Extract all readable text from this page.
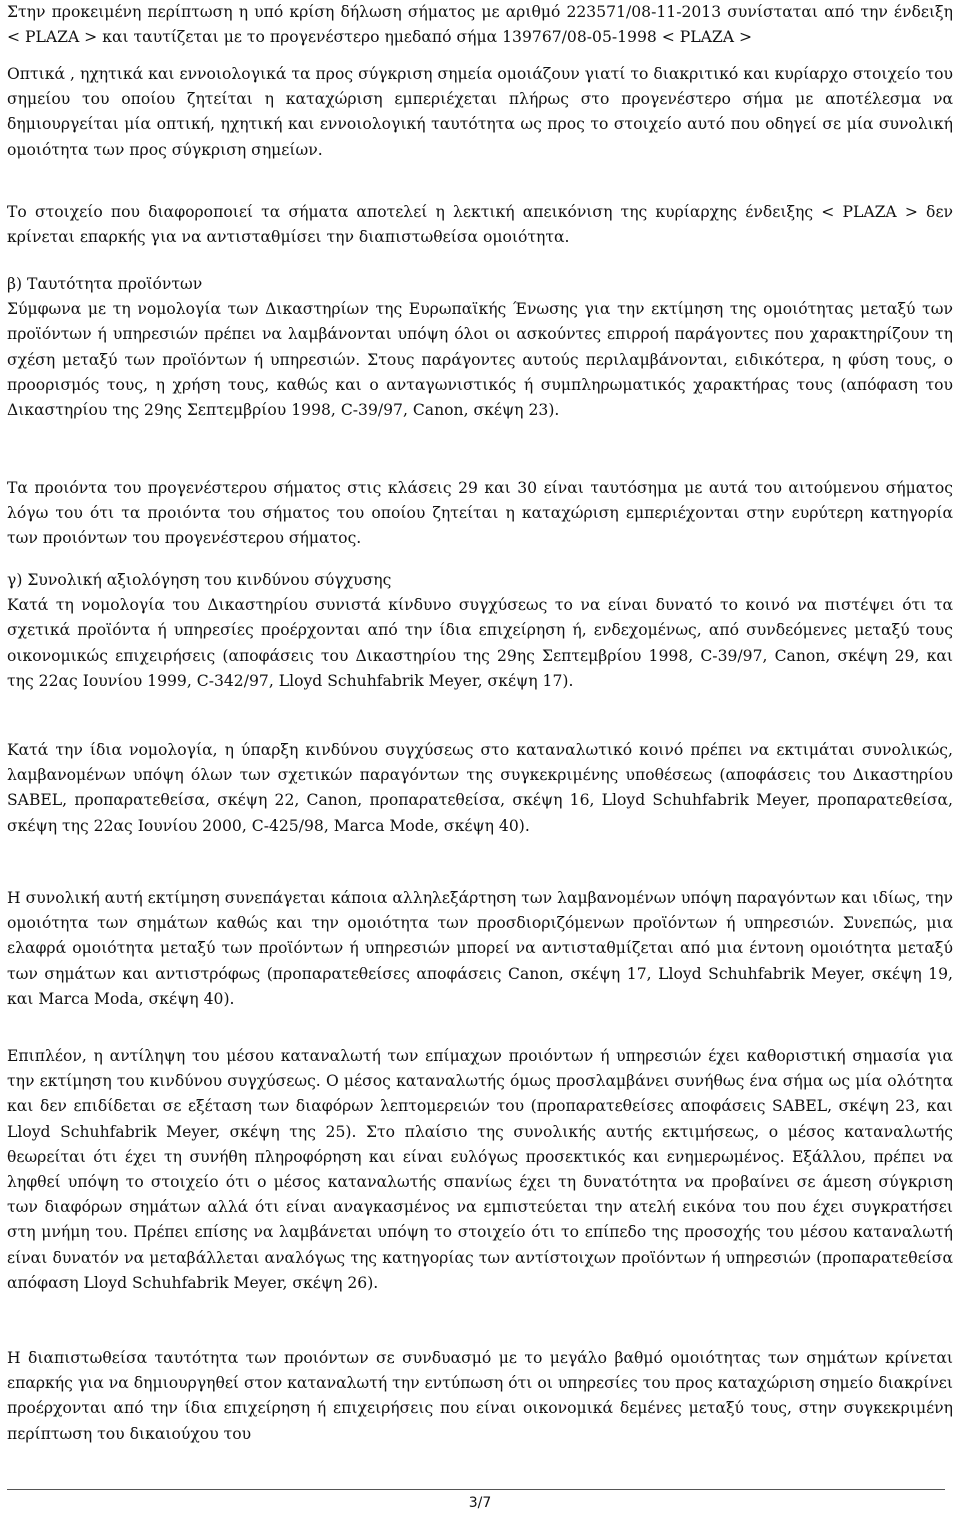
Στην προκειμένη περίπτωση η υπό κρίση δήλωση σήματος με αριθμό 223571/08-11-2013 συνίσταται από την ένδειξη < PLAZA > και ταυτίζεται με το προγενέστερο ημεδαπό σήμα 139767/08-05-1998 < PLAZA >

Οπτικά , ηχητικά και εννοιολογικά τα προς σύγκριση σημεία ομοιάζουν γιατί το διακριτικό και κυρίαρχο στοιχείο του σημείου του οποίου ζητείται η καταχώριση εμπεριέχεται πλήρως στο προγενέστερο σήμα με αποτέλεσμα να δημιουργείται μία οπτική, ηχητική και εννοιολογική ταυτότητα ως προς το στοιχείο αυτό που οδηγεί σε μία συνολική ομοιότητα των προς σύγκριση σημείων.

Το στοιχείο που διαφοροποιεί τα σήματα αποτελεί η λεκτική απεικόνιση της κυρίαρχης ένδειξης < PLAZA > δεν κρίνεται επαρκής για να αντισταθμίσει την διαπιστωθείσα ομοιότητα.

β) Ταυτότητα προϊόντων
Σύμφωνα με τη νομολογία των Δικαστηρίων της Ευρωπαϊκής Ένωσης για την εκτίμηση της ομοιότητας μεταξύ των προϊόντων ή υπηρεσιών πρέπει να λαμβάνονται υπόψη όλοι οι ασκούντες επιρροή παράγοντες που χαρακτηρίζουν τη σχέση μεταξύ των προϊόντων ή υπηρεσιών. Στους παράγοντες αυτούς περιλαμβάνονται, ειδικότερα, η φύση τους, ο προορισμός τους, η χρήση τους, καθώς και ο ανταγωνιστικός ή συμπληρωματικός χαρακτήρας τους (απόφαση του Δικαστηρίου της 29ης Σεπτεμβρίου 1998, C-39/97, Canon, σκέψη 23).

Τα προιόντα του προγενέστερου σήματος στις κλάσεις 29 και 30 είναι ταυτόσημα με αυτά του αιτούμενου σήματος λόγω του ότι τα προιόντα του σήματος του οποίου ζητείται η καταχώριση εμπεριέχονται στην ευρύτερη κατηγορία των προιόντων του προγενέστερου σήματος.

γ) Συνολική αξιολόγηση του κινδύνου σύγχυσης
Κατά τη νομολογία του Δικαστηρίου συνιστά κίνδυνο συγχύσεως το να είναι δυνατό το κοινό να πιστέψει ότι τα σχετικά προϊόντα ή υπηρεσίες προέρχονται από την ίδια επιχείρηση ή, ενδεχομένως, από συνδεόμενες μεταξύ τους οικονομικώς επιχειρήσεις (αποφάσεις του Δικαστηρίου της 29ης Σεπτεμβρίου 1998, C-39/97, Canon, σκέψη 29, και της 22ας Ιουνίου 1999, C-342/97, Lloyd Schuhfabrik Meyer, σκέψη 17).

Κατά την ίδια νομολογία, η ύπαρξη κινδύνου συγχύσεως στο καταναλωτικό κοινό πρέπει να εκτιμάται συνολικώς, λαμβανομένων υπόψη όλων των σχετικών παραγόντων της συγκεκριμένης υποθέσεως (αποφάσεις του Δικαστηρίου SABEL, προπαρατεθείσα, σκέψη 22, Canon, προπαρατεθείσα, σκέψη 16, Lloyd Schuhfabrik Meyer, προπαρατεθείσα, σκέψη της 22ας Ιουνίου 2000, C-425/98, Marca Mode, σκέψη 40).

Η συνολική αυτή εκτίμηση συνεπάγεται κάποια αλληλεξάρτηση των λαμβανομένων υπόψη παραγόντων και ιδίως, την ομοιότητα των σημάτων καθώς και την ομοιότητα των προσδιοριζόμενων προϊόντων ή υπηρεσιών. Συνεπώς, μια ελαφρά ομοιότητα μεταξύ των προϊόντων ή υπηρεσιών μπορεί να αντισταθμίζεται από μια έντονη ομοιότητα μεταξύ των σημάτων και αντιστρόφως (προπαρατεθείσες αποφάσεις Canon, σκέψη 17, Lloyd Schuhfabrik Meyer, σκέψη 19, και Marca Moda, σκέψη 40).

Επιπλέον, η αντίληψη του μέσου καταναλωτή των επίμαχων προιόντων ή υπηρεσιών έχει καθοριστική σημασία για την εκτίμηση του κινδύνου συγχύσεως. Ο μέσος καταναλωτής όμως προσλαμβάνει συνήθως ένα σήμα ως μία ολότητα και δεν επιδίδεται σε εξέταση των διαφόρων λεπτομερειών του (προπαρατεθείσες αποφάσεις SABEL, σκέψη 23, και Lloyd Schuhfabrik Meyer, σκέψη της 25). Στο πλαίσιο της συνολικής αυτής εκτιμήσεως, ο μέσος καταναλωτής θεωρείται ότι έχει τη συνήθη πληροφόρηση και είναι ευλόγως προσεκτικός και ενημερωμένος. Εξάλλου, πρέπει να ληφθεί υπόψη το στοιχείο ότι ο μέσος καταναλωτής σπανίως έχει τη δυνατότητα να προβαίνει σε άμεση σύγκριση των διαφόρων σημάτων αλλά ότι είναι αναγκασμένος να εμπιστεύεται την ατελή εικόνα του που έχει συγκρατήσει στη μνήμη του. Πρέπει επίσης να λαμβάνεται υπόψη το στοιχείο ότι το επίπεδο της προσοχής του μέσου καταναλωτή είναι δυνατόν να μεταβάλλεται αναλόγως της κατηγορίας των αντίστοιχων προϊόντων ή υπηρεσιών (προπαρατεθείσα απόφαση Lloyd Schuhfabrik Meyer, σκέψη 26).

Η διαπιστωθείσα ταυτότητα των προιόντων σε συνδυασμό με το μεγάλο βαθμό ομοιότητας των σημάτων κρίνεται επαρκής για να δημιουργηθεί στον καταναλωτή την εντύπωση ότι οι υπηρεσίες του προς καταχώριση σημείο διακρίνει προέρχονται από την ίδια επιχείρηση ή επιχειρήσεις που είναι οικονομικά δεμένες μεταξύ τους, στην συγκεκριμένη περίπτωση του δικαιούχου του

3/7
